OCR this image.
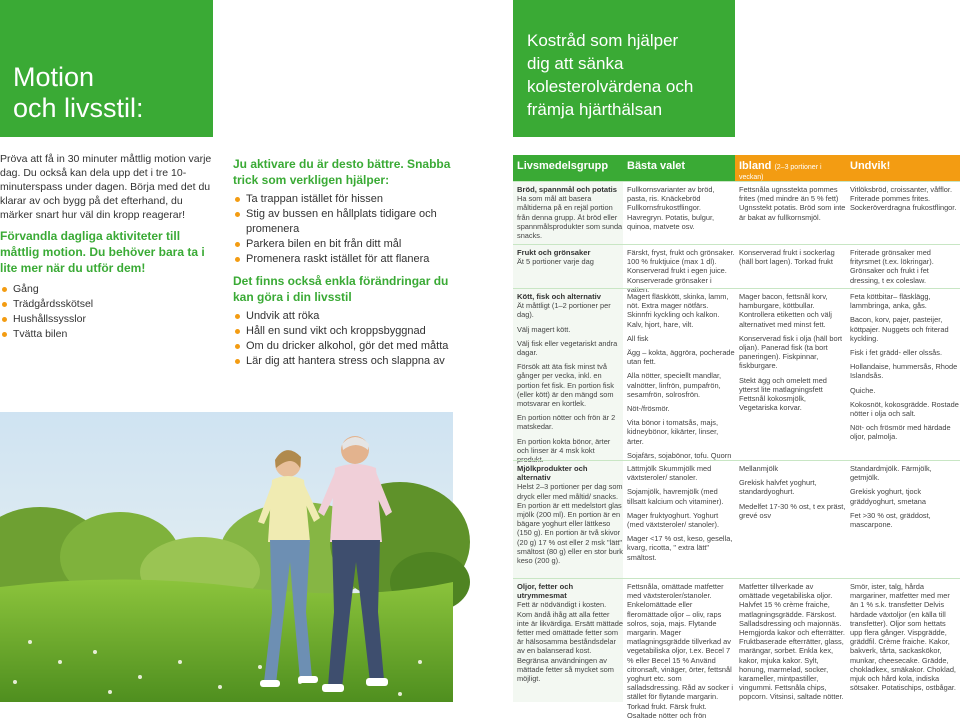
Motion
och livsstil:
Kostråd som hjälper
dig att sänka
kolesterolvärdena och
främja hjärthälsan

Pröva att få in 30 minuter måttlig motion varje dag. Du också kan dela upp det i tre 10-minuterspass under dagen. Börja med det du klarar av och bygg på det efterhand, du märker snart hur väl din kropp reagerar!

Förvandla dagliga aktiviteter till måttlig motion. Du behöver bara ta i lite mer när du utför dem!

Gång
Trädgårdsskötsel
Hushållssysslor
Tvätta bilen

Ju aktivare du är desto bättre. Snabba trick som verkligen hjälper:

Ta trappan istället för hissen
Stig av bussen en hållplats tidigare och promenera
Parkera bilen en bit från ditt mål
Promenera raskt istället för att flanera

Det finns också enkla förändringar du kan göra i din livsstil

Undvik att röka
Håll en sund vikt och kroppsbyggnad
Om du dricker alkohol, gör det med måtta
Lär dig att hantera stress och slappna av
Livsmedelsgrupp	Bästa valet	Ibland (2–3 portioner i veckan)
Undvik!
Bröd, spannmål och potatis
Ha som mål att basera måltiderna på en rejäl portion från denna grupp. Ät bröd eller spannmålsprodukter som sunda snacks.
Fullkornsvarianter av bröd, pasta, ris. Knäckebröd Fullkornsfrukostflingor. Havregryn. Potatis, bulgur, quinoa, matvete osv.
Fettsnåla ugnsstekta pommes frites (med mindre än 5 % fett) Ugnsstekt potatis. Bröd som inte är bakat av fullkornsmjöl.
Vitlöksbröd, croissanter, våfflor. Friterade pommes frites. Sockeröverdragna frukostflingor.
Frukt och grönsaker
Ät 5 portioner varje dag
Färskt, fryst, frukt och grönsaker. 100 % fruktjuice (max 1 dl). Konserverad frukt i egen juice. Konserverade grönsaker i vatten.
Konserverad frukt i sockerlag (häll bort lagen). Torkad frukt
Friterade grönsaker med frityrsmet (t.ex. lökringar). Grönsaker och frukt i fet dressing, t ex coleslaw.
Kött, fisk och alternativ

Ät måttligt (1–2 portioner per dag).

Välj magert kött.

Välj fisk eller vegetariskt andra dagar.

Försök att äta fisk minst två gånger per vecka, inkl. en portion fet fisk. En portion fisk (eller kött) är den mängd som motsvarar en kortlek.

En portion nötter och frön är 2 matskedar.

En portion kokta bönor, ärter och linser är 4 msk kokt produkt.

Magert fläskkött, skinka, lamm, nöt. Extra mager nötfärs. Skinnfri kyckling och kalkon. Kalv, hjort, hare, vilt.

All fisk

Ägg – kokta, äggröra, pocherade utan fett.

Alla nötter, speciellt mandlar, valnötter, linfrön, pumpafrön, sesamfrön, solrosfrön.

Nöt-/frösmör.

Vita bönor i tomatsås, majs, kidneybönor, kikärter, linser, ärter.

Sojafärs, sojabönor, tofu. Quorn

Mager bacon, fettsnål korv, hamburgare, köttbullar. Kontrollera etiketten och välj alternativet med minst fett.

Konserverad fisk i olja (häll bort oljan). Panerad fisk (ta bort paneringen). Fiskpinnar, fiskburgare.

Stekt ägg och omelett med ytterst lite matlagningsfett Fettsnål kokosmjölk, Vegetariska korvar.

Feta köttbitar– fläsklägg, lammbringa, anka, gås.

Bacon, korv, pajer, pasteijer, köttpajer. Nuggets och friterad kyckling.

Fisk i fet grädd- eller olssås.

Hollandaise, hummersås, Rhode Islandsås.

Quiche.

Kokosnöt, kokosgrädde. Rostade nötter i olja och salt.

Nöt- och frösmör med härdade oljor, palmolja.

Mjölkprodukter och alternativ
Helst 2–3 portioner per dag som dryck eller med måltid/ snacks. En portion är ett medelstort glas mjölk (200 ml). En portion är en bägare yoghurt eller lättkeso (150 g). En portion är två skivor (20 g) 17 % ost eller 2 msk "lätt" smältost (80 g) eller en stor burk keso (200 g).

Lättmjölk Skummjölk med växtsteroler/ stanoler.

Sojamjölk, havremjölk (med tillsatt kalcium och vitaminer).

Mager fruktyoghurt. Yoghurt (med växtsteroler/ stanoler).

Mager <17 % ost, keso, gesella, kvarg, ricotta, " extra lätt" smältost.

Mellanmjölk

Grekisk halvfet yoghurt, standardyoghurt.

Medelfet 17-30 % ost, t ex präst, grevé osv

Standardmjölk. Färmjölk, getmjölk.

Grekisk yoghurt, tjock gräddyoghurt, smetana

Fet >30 % ost, gräddost, mascarpone.

Oljor, fetter och utrymmesmat
Fett är nödvändigt i kosten. Kom ändå ihåg att alla fetter inte är likvärdiga. Ersätt mättade fetter med omättade fetter som är hälsosamma beståndsdelar av en balanserad kost. Begränsa användningen av mättade fetter så mycket som möjligt.
Fettsnåla, omättade matfetter med växtsteroler/stanoler. Enkelomättade eller fleromättade oljor – oliv, raps solros, soja, majs. Flytande margarin. Mager matlagningsgrädde tillverkad av vegetabiliska oljor, t.ex. Becel 7 % eller Becel 15 % Använd citronsaft, vinäger, örter, fettsnål yoghurt etc. som salladsdressing. Råd av socker i stället för flytande margarin. Torkad frukt. Färsk frukt. Osaltade nötter och frön
Matfetter tillverkade av omättade vegetabiliska oljor. Halvfet 15 % crème fraiche, matlagningsgrädde. Färskost. Salladsdressing och majonnäs. Hemgjorda kakor och efterrätter. Fruktbaserade efterrätter, glass, marängar, sorbet. Enkla kex, kakor, mjuka kakor. Sylt, honung, marmelad, socker, karameller, mintpastiller, vingummi. Fettsnåla chips, popcorn. Vitsinsi, saltade nötter.
Smör, ister, talg, hårda margariner, matfetter med mer än 1 % s.k. transfetter Delvis härdade växtoljor (en källa till transfetter). Oljor som hettats upp flera gånger. Vispgrädde, gräddfil. Crème fraiche. Kakor, bakverk, tårta, sackaskökor, munkar, cheesecake. Grädde, chokladkex, smäkakor. Choklad, mjuk och hård kola, indiska sötsaker. Potatischips, ostbågar.
